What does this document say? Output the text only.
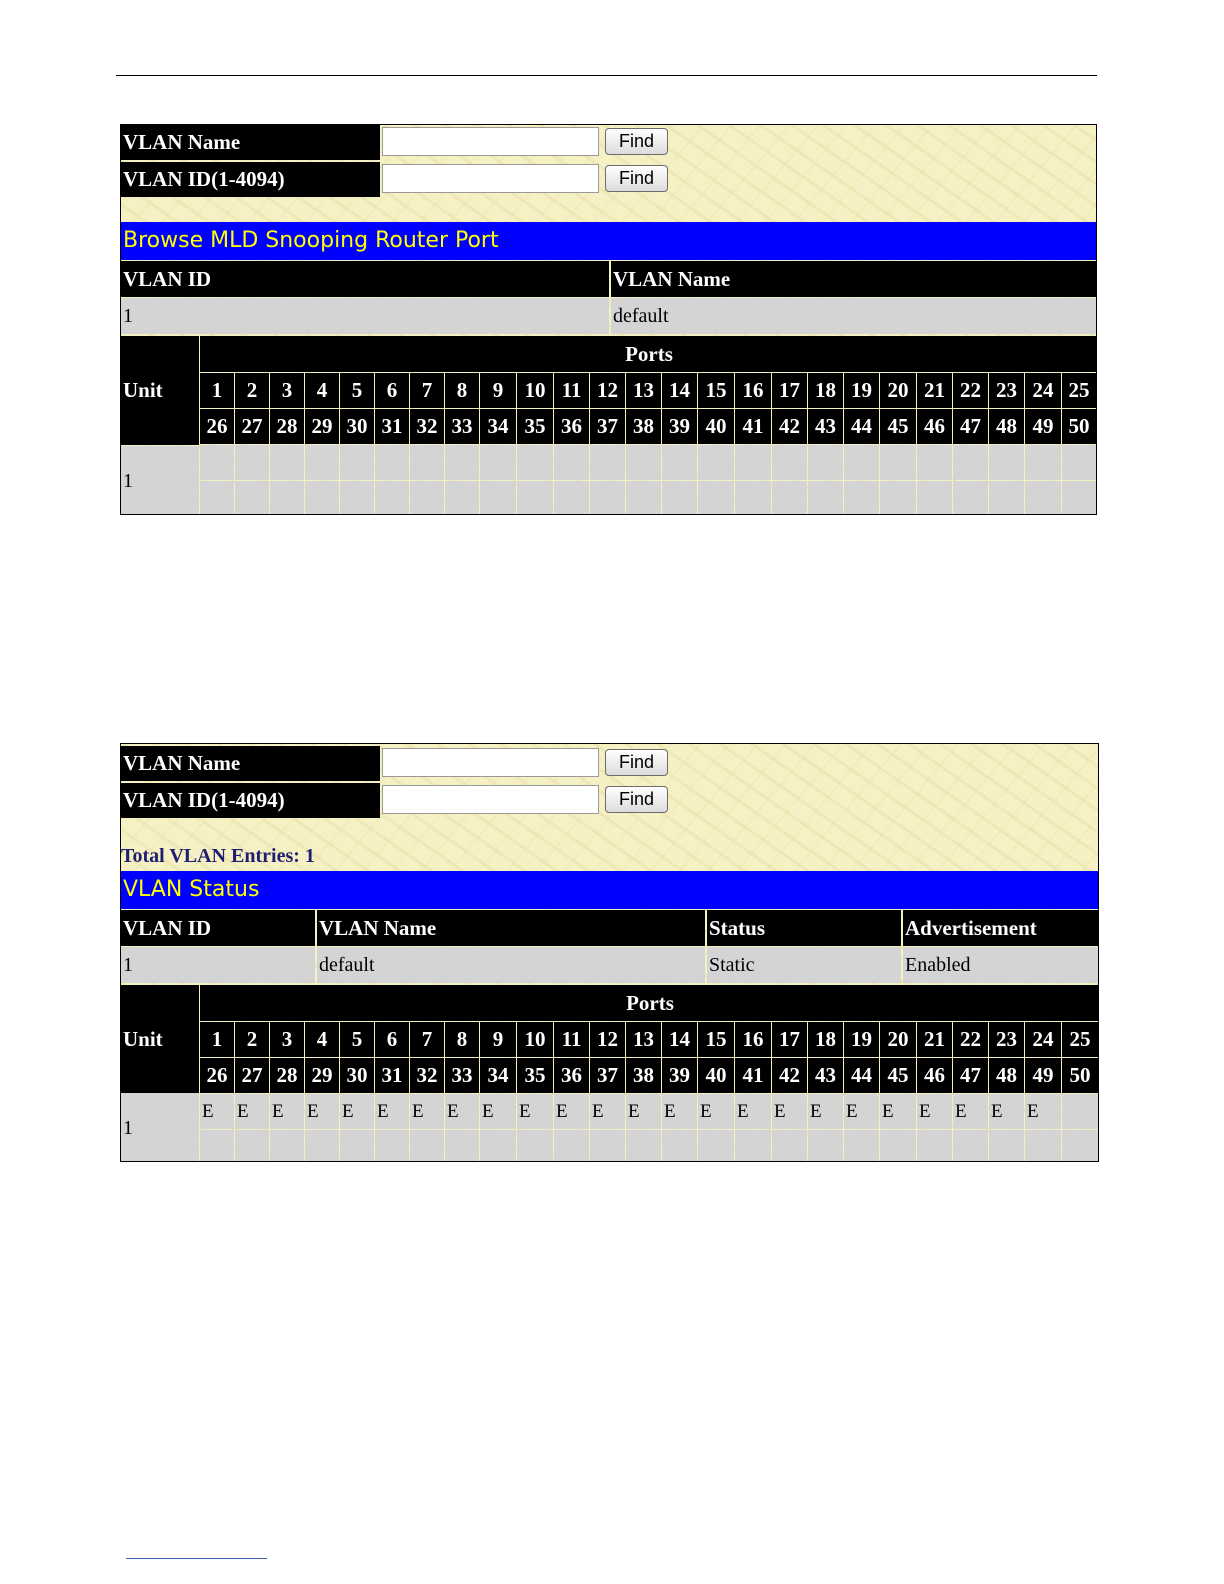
VLAN Name	Find
VLAN ID(1-4094)	Find
Browse MLD Snooping Router Port
VLAN ID	VLAN Name
1	default
Unit
Ports
1
1	2	3	4	5	6	7	8	9	10 11 12 13 14 15 16 17 18 19 20 21 22 23 24 25
26 27 28 29 30 31 32 33 34 35 36 37 38 39 40 41 42 43 44 45 46 47 48 49 50
VLAN Name	Find
VLAN ID(1-4094)	Find
Total VLAN Entries: 1
VLAN Status
VLAN ID	VLAN Name	Status	Advertisement
1	default	Static	Enabled
Unit
Ports
1
1	2	3	4	5	6	7	8	9	10 11 12 13 14 15 16 17 18 19 20 21 22 23 24 25
26 27 28 29 30 31 32 33 34 35 36 37 38 39 40 41 42 43 44 45 46 47 48 49 50
E	E	E	E	E	E	E	E	E	E	E	E	E	E	E	E	E	E	E	E	E	E	E	E
